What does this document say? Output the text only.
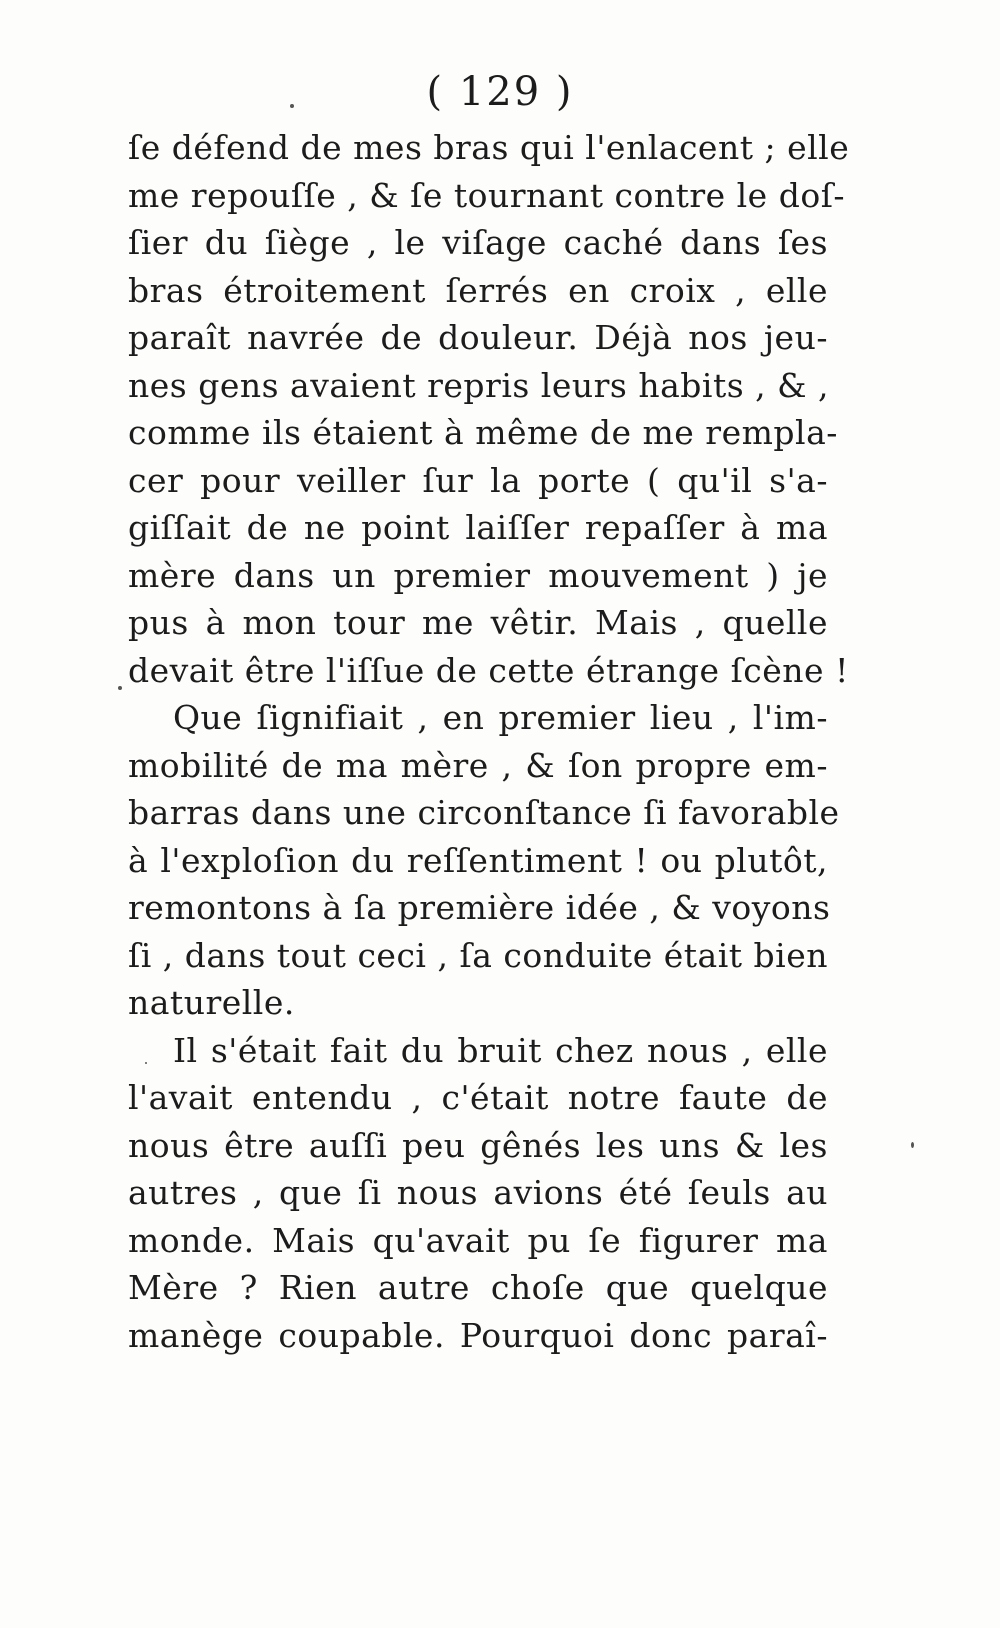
( 129 )
ſe défend de mes bras qui l'enlacent ; elle
me repouſſe , & ſe tournant contre le doſ-
ſier du ſiège , le viſage caché dans ſes
bras étroitement ſerrés en croix , elle
paraît navrée de douleur. Déjà nos jeu-
nes gens avaient repris leurs habits , & ,
comme ils étaient à même de me rempla-
cer pour veiller ſur la porte ( qu'il s'a-
giſſait de ne point laiſſer repaſſer à ma
mère dans un premier mouvement ) je
pus à mon tour me vêtir. Mais , quelle
devait être l'iſſue de cette étrange ſcène !
Que ſignifiait , en premier lieu , l'im-
mobilité de ma mère , & ſon propre em-
barras dans une circonſtance ſi favorable
à l'exploſion du reſſentiment ! ou plutôt,
remontons à ſa première idée , & voyons
ſi , dans tout ceci , ſa conduite était bien
naturelle.
Il s'était fait du bruit chez nous , elle
l'avait entendu , c'était notre faute de
nous être auſſi peu gênés les uns & les
autres , que ſi nous avions été ſeuls au
monde. Mais qu'avait pu ſe figurer ma
Mère ? Rien autre choſe que quelque
manège coupable. Pourquoi donc paraî-
